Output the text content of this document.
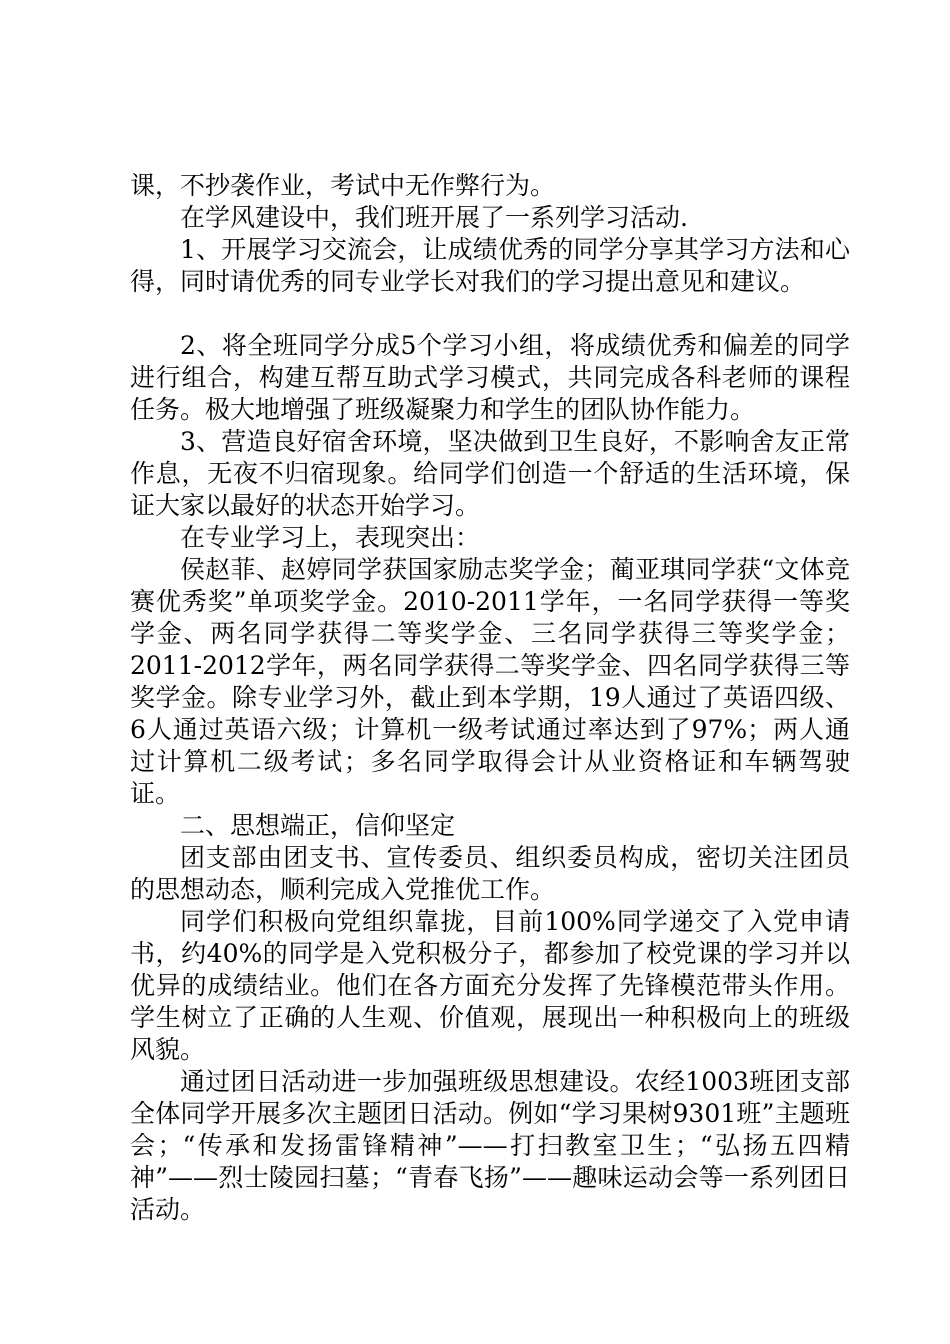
课，不抄袭作业，考试中无作弊行为。

在学风建设中，我们班开展了一系列学习活动.

1、开展学习交流会，让成绩优秀的同学分享其学习方法和心得，同时请优秀的同专业学长对我们的学习提出意见和建议。

2、将全班同学分成5个学习小组，将成绩优秀和偏差的同学进行组合，构建互帮互助式学习模式，共同完成各科老师的课程任务。极大地增强了班级凝聚力和学生的团队协作能力。

3、营造良好宿舍环境，坚决做到卫生良好，不影响舍友正常作息，无夜不归宿现象。给同学们创造一个舒适的生活环境，保证大家以最好的状态开始学习。

在专业学习上，表现突出：

侯赵菲、赵婷同学获国家励志奖学金；蔺亚琪同学获“文体竞赛优秀奖”单项奖学金。2010-2011学年，一名同学获得一等奖学金、两名同学获得二等奖学金、三名同学获得三等奖学金；2011-2012学年，两名同学获得二等奖学金、四名同学获得三等奖学金。除专业学习外，截止到本学期，19人通过了英语四级、6人通过英语六级；计算机一级考试通过率达到了97%；两人通过计算机二级考试；多名同学取得会计从业资格证和车辆驾驶证。

二、思想端正，信仰坚定

团支部由团支书、宣传委员、组织委员构成，密切关注团员的思想动态，顺利完成入党推优工作。

同学们积极向党组织靠拢，目前100%同学递交了入党申请书，约40%的同学是入党积极分子，都参加了校党课的学习并以优异的成绩结业。他们在各方面充分发挥了先锋模范带头作用。学生树立了正确的人生观、价值观，展现出一种积极向上的班级风貌。

通过团日活动进一步加强班级思想建设。农经1003班团支部全体同学开展多次主题团日活动。例如“学习果树9301班”主题班会；“传承和发扬雷锋精神”——打扫教室卫生；“弘扬五四精神”——烈士陵园扫墓；“青春飞扬”——趣味运动会等一系列团日活动。
